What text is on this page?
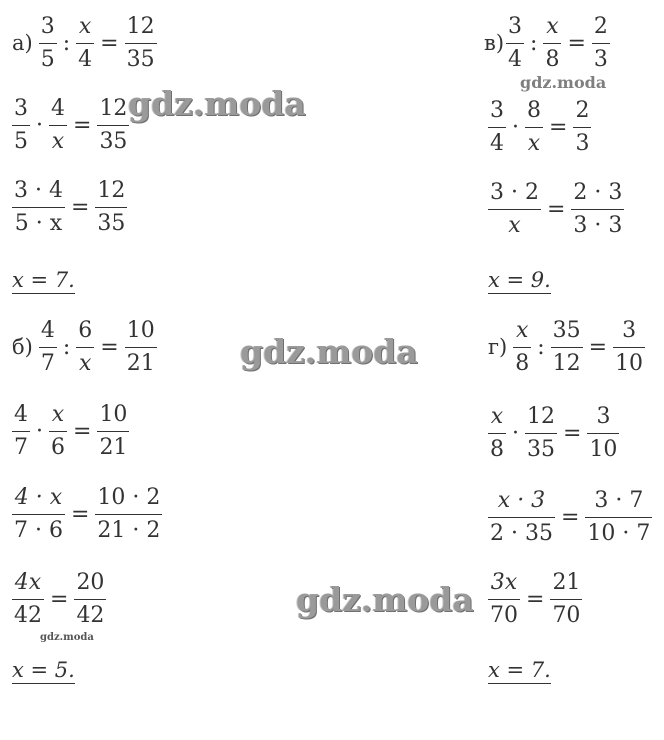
$а) \frac{3}{5}$ : $\frac{x}{4} = \frac{12}{35}$
$\frac{3}{5} \cdot \frac{4}{x} = \frac{12}{35}$
$\frac{3 \cdot 4}{5 \cdot x} = \frac{12}{35}$
x = 7.
$б) \frac{4}{7}$ : $\frac{6}{x} = \frac{10}{21}$
$\frac{4}{7} \cdot \frac{x}{6} = \frac{10}{21}$
$\frac{4 \cdot x}{7 \cdot 6} = \frac{10 \cdot 2}{21 \cdot 2}$
$\frac{4x}{42} = \frac{20}{42}$
x = 5.
$в) \frac{3}{4}$ : $\frac{x}{8} = \frac{2}{3}$
$\frac{3}{4} \cdot \frac{8}{x} = \frac{2}{3}$
$\frac{3 \cdot 2}{x} = \frac{2 \cdot 3}{3 \cdot 3}$
x = 9.
$г) \frac{x}{8}$ : $\frac{35}{12} = \frac{3}{10}$
$\frac{x}{8} \cdot \frac{12}{35} = \frac{3}{10}$
$\frac{x \cdot 3}{2 \cdot 35} = \frac{3 \cdot 7}{10 \cdot 7}$
$\frac{3x}{70} = \frac{21}{70}$
x = 7.
gdz.moda
gdz.moda
gdz.moda
gdz.moda
gdz.moda
